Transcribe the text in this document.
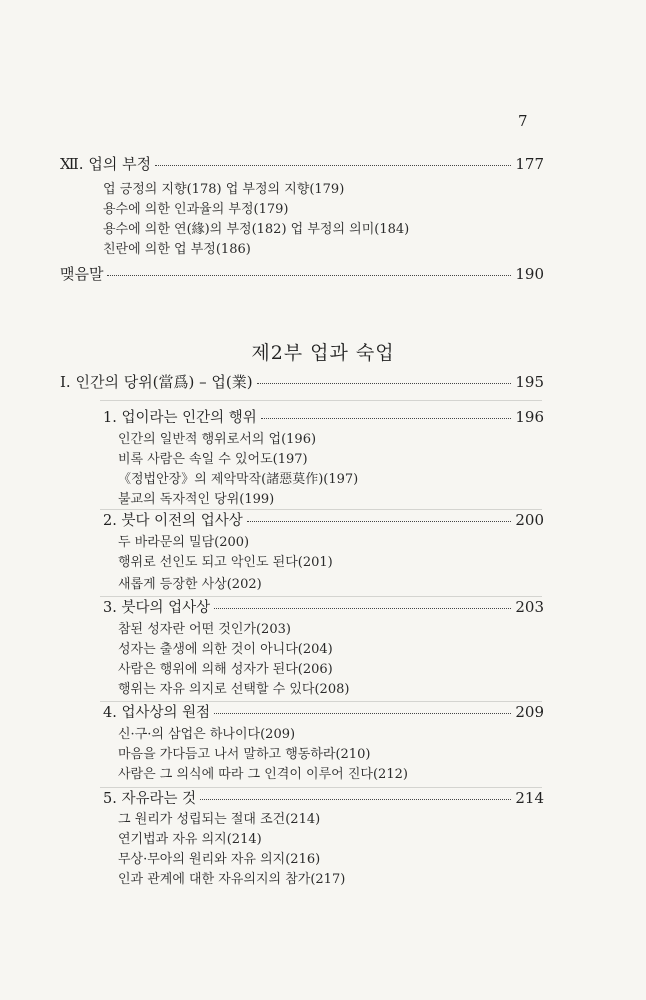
7
Ⅻ. 업의 부정	177
업 긍정의 지향(178) 업 부정의 지향(179)
용수에 의한 인과율의 부정(179)
용수에 의한 연(緣)의 부정(182) 업 부정의 의미(184)
친란에 의한 업 부정(186)
맺음말	190
제2부 업과 숙업
Ⅰ. 인간의 당위(當爲) – 업(業)	195
1. 업이라는 인간의 행위	196
인간의 일반적 행위로서의 업(196)
비록 사람은 속일 수 있어도(197)
《정법안장》의 제악막작(諸惡莫作)(197)
불교의 독자적인 당위(199)
2. 붓다 이전의 업사상	200
두 바라문의 밀담(200)
행위로 선인도 되고 악인도 된다(201)
새롭게 등장한 사상(202)
3. 붓다의 업사상	203
참된 성자란 어떤 것인가(203)
성자는 출생에 의한 것이 아니다(204)
사람은 행위에 의해 성자가 된다(206)
행위는 자유 의지로 선택할 수 있다(208)
4. 업사상의 원점	209
신·구·의 삼업은 하나이다(209)
마음을 가다듬고 나서 말하고 행동하라(210)
사람은 그 의식에 따라 그 인격이 이루어 진다(212)
5. 자유라는 것	214
그 원리가 성립되는 절대 조건(214)
연기법과 자유 의지(214)
무상·무아의 원리와 자유 의지(216)
인과 관계에 대한 자유의지의 참가(217)
